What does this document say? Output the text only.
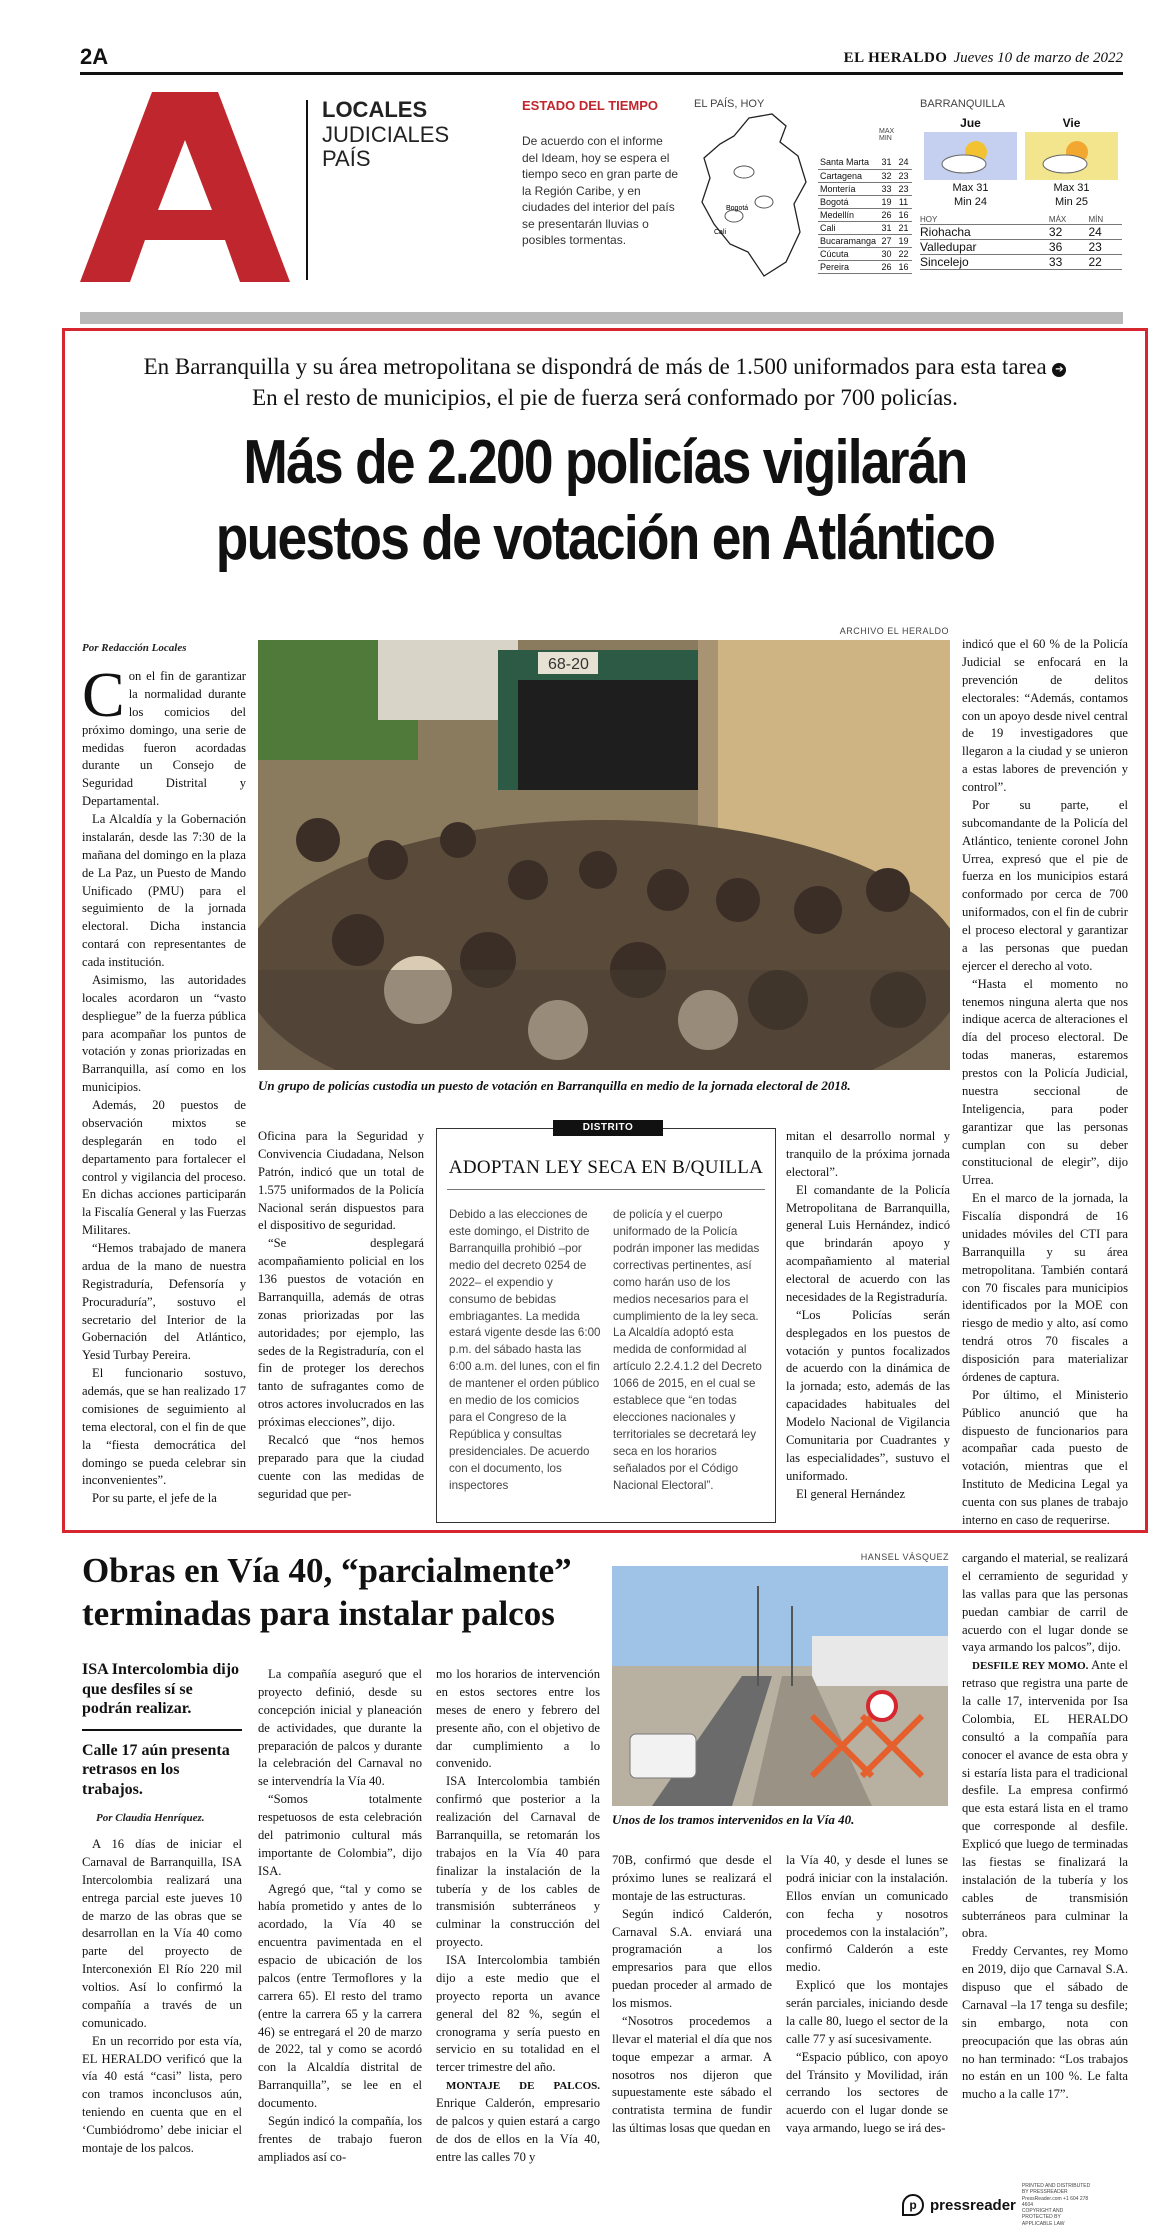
2A	EL HERALDO Jueves 10 de marzo de 2022
A
LOCALES
JUDICIALES
PAÍS
ESTADO DEL TIEMPO
De acuerdo con el informe del Ideam, hoy se espera el tiempo seco en gran parte de la Región Caribe, y en ciudades del interior del país se presentarán lluvias o posibles tormentas.
EL PAÍS, HOY
Bogotá
Cali
MAX MIN
Santa Marta	31	24
Cartagena	32	23
Montería	33	23
Bogotá	19	11
Medellín	26	16
Cali	31	21
Bucaramanga	27	19
Cúcuta	30	22
Pereira	26	16
BARRANQUILLA
Jue
Max 31
Min 24
Vie
Max 31
Min 25
HOY	MÁX	MÍN
Riohacha	32	24
Valledupar	36	23
Sincelejo	33	22
En Barranquilla y su área metropolitana se dispondrá de más de 1.500 uniformados para esta tarea ➔ En el resto de municipios, el pie de fuerza será conformado por 700 policías.
Más de 2.200 policías vigilarán
puestos de votación en Atlántico
Por Redacción Locales
ARCHIVO EL HERALDO
C on el fin de garantizar la normalidad durante los comicios del próximo domingo, una serie de medidas fueron acordadas durante un Consejo de Seguridad Distrital y Departamental.

La Alcaldía y la Gobernación instalarán, desde las 7:30 de la mañana del domingo en la plaza de La Paz, un Puesto de Mando Unificado (PMU) para el seguimiento de la jornada electoral. Dicha instancia contará con representantes de cada institución.

Asimismo, las autoridades locales acordaron un “vasto despliegue” de la fuerza pública para acompañar los puntos de votación y zonas priorizadas en Barranquilla, así como en los municipios.

Además, 20 puestos de observación mixtos se desplegarán en todo el departamento para fortalecer el control y vigilancia del proceso. En dichas acciones participarán la Fiscalía General y las Fuerzas Militares.

“Hemos trabajado de manera ardua de la mano de nuestra Registraduría, Defensoría y Procuraduría”, sostuvo el secretario del Interior de la Gobernación del Atlántico, Yesid Turbay Pereira.

El funcionario sostuvo, además, que se han realizado 17 comisiones de seguimiento al tema electoral, con el fin de que la “fiesta democrática del domingo se pueda celebrar sin inconvenientes”.

Por su parte, el jefe de la

68-20
Un grupo de policías custodia un puesto de votación en Barranquilla en medio de la jornada electoral de 2018.

Oficina para la Seguridad y Convivencia Ciudadana, Nelson Patrón, indicó que un total de 1.575 uniformados de la Policía Nacional serán dispuestos para el dispositivo de seguridad.

“Se desplegará acompañamiento policial en los 136 puestos de votación en Barranquilla, además de otras zonas priorizadas por las autoridades; por ejemplo, las sedes de la Registraduría, con el fin de proteger los derechos tanto de sufragantes como de otros actores involucrados en las próximas elecciones”, dijo.

Recalcó que “nos hemos preparado para que la ciudad cuente con las medidas de seguridad que per-

DISTRITO
ADOPTAN LEY SECA EN B/QUILLA
Debido a las elecciones de este domingo, el Distrito de Barranquilla prohibió –por medio del decreto 0254 de 2022– el expendio y consumo de bebidas embriagantes. La medida estará vigente desde las 6:00 p.m. del sábado hasta las 6:00 a.m. del lunes, con el fin de mantener el orden público en medio de los comicios para el Congreso de la República y consultas presidenciales. De acuerdo con el documento, los inspectores
de policía y el cuerpo uniformado de la Policía podrán imponer las medidas correctivas pertinentes, así como harán uso de los medios necesarios para el cumplimiento de la ley seca. La Alcaldía adoptó esta medida de conformidad al artículo 2.2.4.1.2 del Decreto 1066 de 2015, en el cual se establece que “en todas elecciones nacionales y territoriales se decretará ley seca en los horarios señalados por el Código Nacional Electoral”.

mitan el desarrollo normal y tranquilo de la próxima jornada electoral”.

El comandante de la Policía Metropolitana de Barranquilla, general Luis Hernández, indicó que brindarán apoyo y acompañamiento al material electoral de acuerdo con las necesidades de la Registraduría.

“Los Policías serán desplegados en los puestos de votación y puntos focalizados de acuerdo con la dinámica de la jornada; esto, además de las capacidades habituales del Modelo Nacional de Vigilancia Comunitaria por Cuadrantes y las especialidades”, sustuvo el uniformado.

El general Hernández

indicó que el 60 % de la Policía Judicial se enfocará en la prevención de delitos electorales: “Además, contamos con un apoyo desde nivel central de 19 investigadores que llegaron a la ciudad y se unieron a estas labores de prevención y control”.

Por su parte, el subcomandante de la Policía del Atlántico, teniente coronel John Urrea, expresó que el pie de fuerza en los municipios estará conformado por cerca de 700 uniformados, con el fin de cubrir el proceso electoral y garantizar a las personas que puedan ejercer el derecho al voto.

“Hasta el momento no tenemos ninguna alerta que nos indique acerca de alteraciones el día del proceso electoral. De todas maneras, estaremos prestos con la Policía Judicial, nuestra seccional de Inteligencia, para poder garantizar que las personas cumplan con su deber constitucional de elegir”, dijo Urrea.

En el marco de la jornada, la Fiscalía dispondrá de 16 unidades móviles del CTI para Barranquilla y su área metropolitana. También contará con 70 fiscales para municipios identificados por la MOE con riesgo de medio y alto, así como tendrá otros 70 fiscales a disposición para materializar órdenes de captura.

Por último, el Ministerio Público anunció que ha dispuesto de funcionarios para acompañar cada puesto de votación, mientras que el Instituto de Medicina Legal ya cuenta con sus planes de trabajo interno en caso de requerirse.

Obras en Vía 40, “parcialmente”
terminadas para instalar palcos
ISA Intercolombia dijo que desfiles sí se podrán realizar.
Calle 17 aún presenta retrasos en los trabajos.
Por Claudia Henríquez.

A 16 días de iniciar el Carnaval de Barranquilla, ISA Intercolombia realizará una entrega parcial este jueves 10 de marzo de las obras que se desarrollan en la Vía 40 como parte del proyecto de Interconexión El Río 220 mil voltios. Así lo confirmó la compañía a través de un comunicado.

En un recorrido por esta vía, EL HERALDO verificó que la vía 40 está “casi” lista, pero con tramos inconclusos aún, teniendo en cuenta que en el ‘Cumbiódromo’ debe iniciar el montaje de los palcos.

La compañía aseguró que el proyecto definió, desde su concepción inicial y planeación de actividades, que durante la preparación de palcos y durante la celebración del Carnaval no se intervendría la Vía 40.

“Somos totalmente respetuosos de esta celebración del patrimonio cultural más importante de Colombia”, dijo ISA.

Agregó que, “tal y como se había prometido y antes de lo acordado, la Vía 40 se encuentra pavimentada en el espacio de ubicación de los palcos (entre Termoflores y la carrera 65). El resto del tramo (entre la carrera 65 y la carrera 46) se entregará el 20 de marzo de 2022, tal y como se acordó con la Alcaldía distrital de Barranquilla”, se lee en el documento.

Según indicó la compañía, los frentes de trabajo fueron ampliados así co-

mo los horarios de intervención en estos sectores entre los meses de enero y febrero del presente año, con el objetivo de dar cumplimiento a lo convenido.

ISA Intercolombia también confirmó que posterior a la realización del Carnaval de Barranquilla, se retomarán los trabajos en la Vía 40 para finalizar la instalación de la tubería y de los cables de transmisión subterráneos y culminar la construcción del proyecto.

ISA Intercolombia también dijo a este medio que el proyecto reporta un avance general del 82 %, según el cronograma y sería puesto en servicio en su totalidad en el tercer trimestre del año.

MONTAJE DE PALCOS. Enrique Calderón, empresario de palcos y quien estará a cargo de dos de ellos en la Vía 40, entre las calles 70 y

HANSEL VÁSQUEZ
Unos de los tramos intervenidos en la Vía 40.

70B, confirmó que desde el próximo lunes se realizará el montaje de las estructuras.

Según indicó Calderón, Carnaval S.A. enviará una programación a los empresarios para que ellos puedan proceder al armado de los mismos.

“Nosotros procedemos a llevar el material el día que nos toque empezar a armar. A nosotros nos dijeron que supuestamente este sábado el contratista termina de fundir las últimas losas que quedan en

la Vía 40, y desde el lunes se podrá iniciar con la instalación. Ellos envían un comunicado con fecha y nosotros procedemos con la instalación”, confirmó Calderón a este medio.

Explicó que los montajes serán parciales, iniciando desde la calle 80, luego el sector de la calle 77 y así sucesivamente.

“Espacio público, con apoyo del Tránsito y Movilidad, irán cerrando los sectores de acuerdo con el lugar donde se vaya armando, luego se irá des-

cargando el material, se realizará el cerramiento de seguridad y las vallas para que las personas puedan cambiar de carril de acuerdo con el lugar donde se vaya armando los palcos”, dijo.

DESFILE REY MOMO. Ante el retraso que registra una parte de la calle 17, intervenida por Isa Colombia, EL HERALDO consultó a la compañía para conocer el avance de esta obra y si estaría lista para el tradicional desfile. La empresa confirmó que esta estará lista en el tramo que corresponde al desfile. Explicó que luego de terminadas las fiestas se finalizará la instalación de la tubería y los cables de transmisión subterráneos para culminar la obra.

Freddy Cervantes, rey Momo en 2019, dijo que Carnaval S.A. dispuso que el sábado de Carnaval –la 17 tenga su desfile; sin embargo, nota con preocupación que las obras aún no han terminado: “Los trabajos no están en un 100 %. Le falta mucho a la calle 17”.

p pressreader
PRINTED AND DISTRIBUTED BY PRESSREADER
PressReader.com +1 604 278 4604
COPYRIGHT AND PROTECTED BY APPLICABLE LAW
